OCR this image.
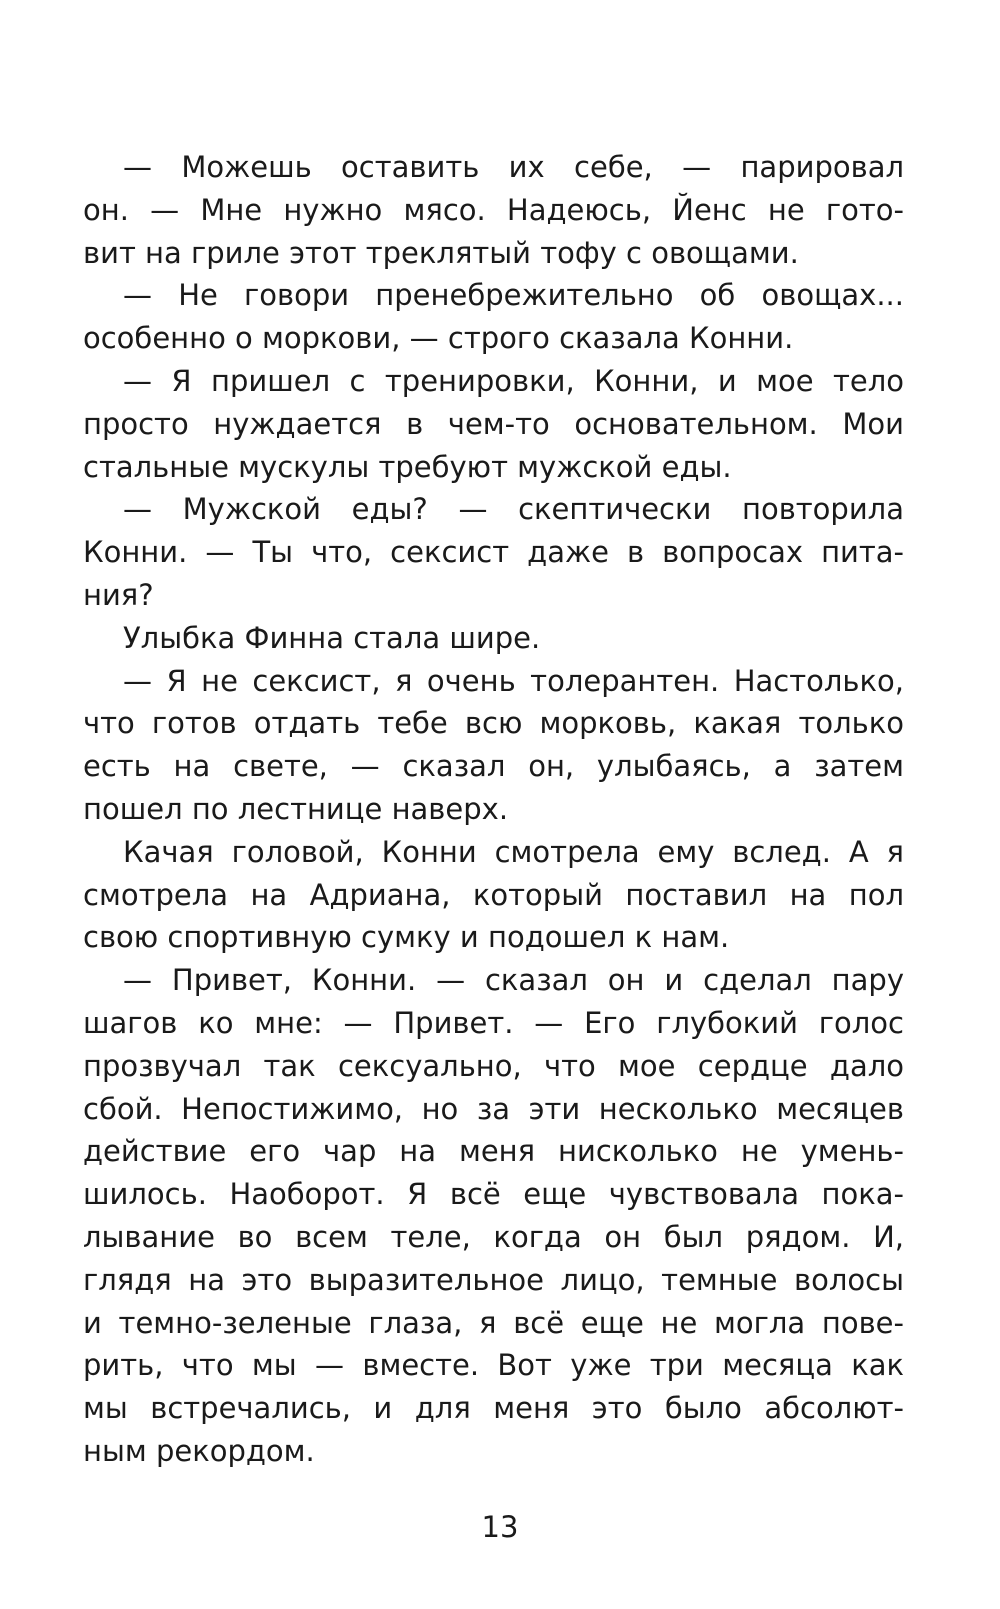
— Можешь оставить их себе, — парировал
он. — Мне нужно мясо. Надеюсь, Йенс не гото-
вит на гриле этот треклятый тофу с овощами.
— Не говори пренебрежительно об овощах...
особенно о моркови, — строго сказала Конни.
— Я пришел с тренировки, Конни, и мое тело
просто нуждается в чем-то основательном. Мои
стальные мускулы требуют мужской еды.
— Мужской еды? — скептически повторила
Конни. — Ты что, сексист даже в вопросах пита-
ния?
Улыбка Финна стала шире.
— Я не сексист, я очень толерантен. Настолько,
что готов отдать тебе всю морковь, какая только
есть на свете, — сказал он, улыбаясь, а затем
пошел по лестнице наверх.
Качая головой, Конни смотрела ему вслед. А я
смотрела на Адриана, который поставил на пол
свою спортивную сумку и подошел к нам.
— Привет, Конни. — сказал он и сделал пару
шагов ко мне: — Привет. — Его глубокий голос
прозвучал так сексуально, что мое сердце дало
сбой. Непостижимо, но за эти несколько месяцев
действие его чар на меня нисколько не умень-
шилось. Наоборот. Я всё еще чувствовала пока-
лывание во всем теле, когда он был рядом. И,
глядя на это выразительное лицо, темные волосы
и темно-зеленые глаза, я всё еще не могла пове-
рить, что мы — вместе. Вот уже три месяца как
мы встречались, и для меня это было абсолют-
ным рекордом.
13
